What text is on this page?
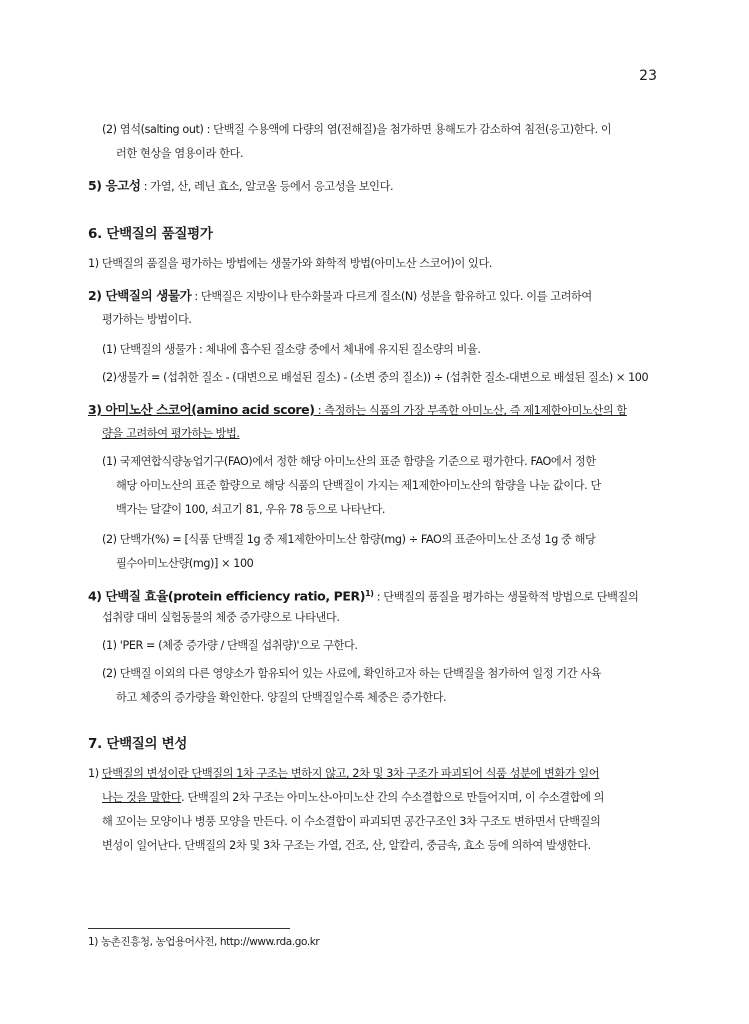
23
(2) 염석(salting out) : 단백질 수용액에 다량의 염(전해질)을 첨가하면 용해도가 감소하여 침전(응고)한다. 이
러한 현상을 염용이라 한다.
5) 응고성 : 가열, 산, 레닌 효소, 알코올 등에서 응고성을 보인다.
6. 단백질의 품질평가
1) 단백질의 품질을 평가하는 방법에는 생물가와 화학적 방법(아미노산 스코어)이 있다.
2) 단백질의 생물가 : 단백질은 지방이나 탄수화물과 다르게 질소(N) 성분을 함유하고 있다. 이를 고려하여
평가하는 방법이다.
(1) 단백질의 생물가 : 체내에 흡수된 질소량 중에서 체내에 유지된 질소량의 비율.
(2)생물가 = (섭취한 질소 - (대변으로 배설된 질소) - (소변 중의 질소)) ÷ (섭취한 질소-대변으로 배설된 질소) × 100
3) 아미노산 스코어(amino acid score) : 측정하는 식품의 가장 부족한 아미노산, 즉 제1제한아미노산의 함
량을 고려하여 평가하는 방법.
(1) 국제연합식량농업기구(FAO)에서 정한 해당 아미노산의 표준 함량을 기준으로 평가한다. FAO에서 정한
해당 아미노산의 표준 함량으로 해당 식품의 단백질이 가지는 제1제한아미노산의 함량을 나눈 값이다. 단
백가는 달걀이 100, 쇠고기 81, 우유 78 등으로 나타난다.
(2) 단백가(%) = [식품 단백질 1g 중 제1제한아미노산 함량(mg) ÷ FAO의 표준아미노산 조성 1g 중 해당
필수아미노산량(mg)] × 100
4) 단백질 효율(protein efficiency ratio, PER)$^{1)}$ : 단백질의 품질을 평가하는 생물학적 방법으로 단백질의
섭취량 대비 실험동물의 체중 증가량으로 나타낸다.
(1) 'PER = (체중 증가량 / 단백질 섭취량)'으로 구한다.
(2) 단백질 이외의 다른 영양소가 함유되어 있는 사료에, 확인하고자 하는 단백질을 첨가하여 일정 기간 사육
하고 체중의 증가량을 확인한다. 양질의 단백질일수록 체중은 증가한다.
7. 단백질의 변성
1) 단백질의 변성이란 단백질의 1차 구조는 변하지 않고, 2차 및 3차 구조가 파괴되어 식품 성분에 변화가 일어
나는 것을 말한다. 단백질의 2차 구조는 아미노산-아미노산 간의 수소결합으로 만들어지며, 이 수소결합에 의
해 꼬이는 모양이나 병풍 모양을 만든다. 이 수소결합이 파괴되면 공간구조인 3차 구조도 변하면서 단백질의
변성이 일어난다. 단백질의 2차 및 3차 구조는 가열, 건조, 산, 알칼리, 중금속, 효소 등에 의하여 발생한다.
1) 농촌진흥청, 농업용어사전, http://www.rda.go.kr
